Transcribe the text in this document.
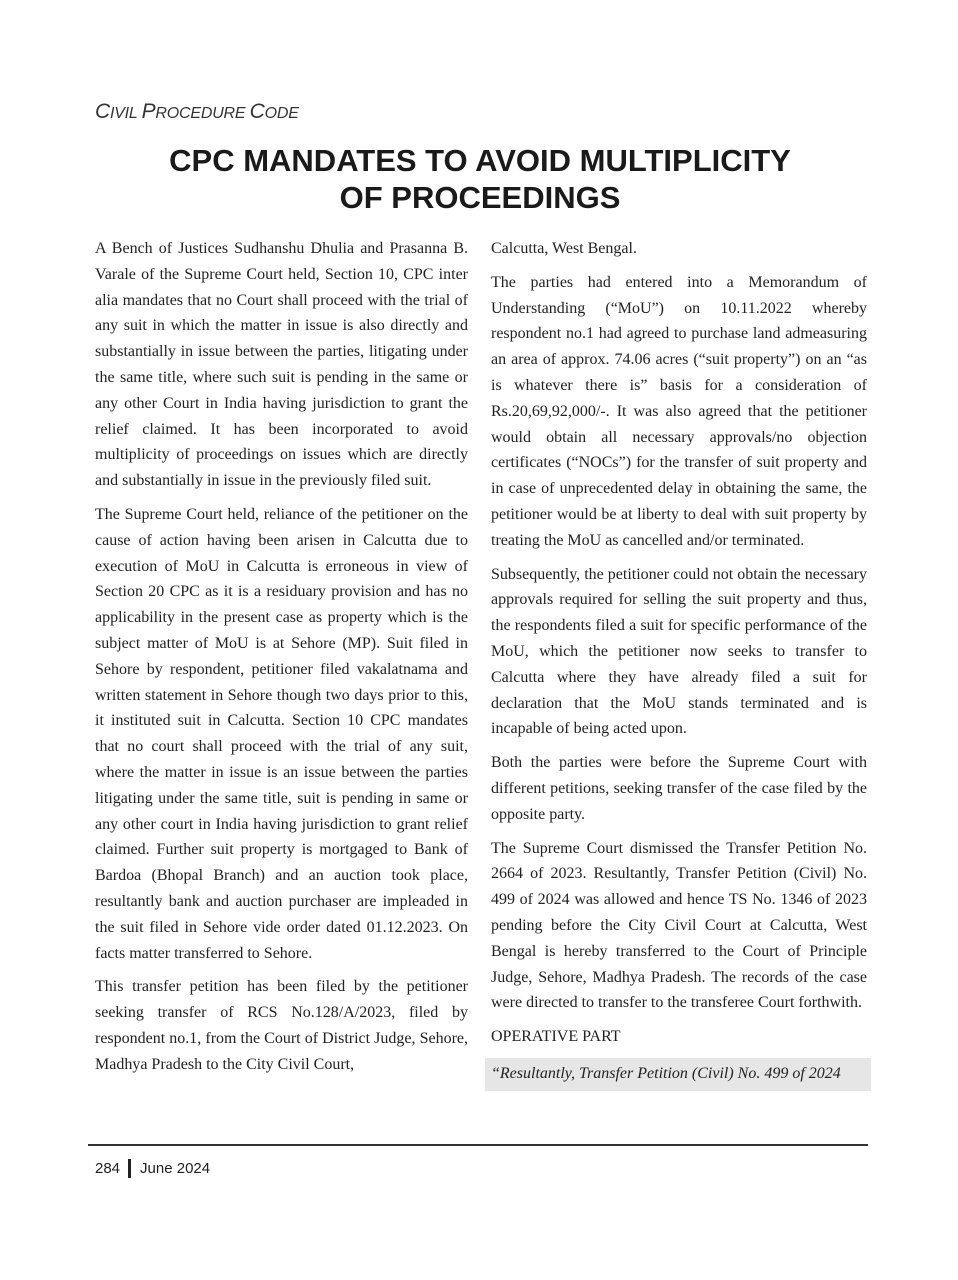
CIVIL PROCEDURE CODE
CPC MANDATES TO AVOID MULTIPLICITY
OF PROCEEDINGS

A Bench of Justices Sudhanshu Dhulia and Prasanna B. Varale of the Supreme Court held, Section 10, CPC inter alia mandates that no Court shall proceed with the trial of any suit in which the matter in issue is also directly and substantially in issue between the parties, litigating under the same title, where such suit is pending in the same or any other Court in India having jurisdiction to grant the relief claimed. It has been incorporated to avoid multiplicity of proceedings on issues which are directly and substantially in issue in the previously filed suit.

The Supreme Court held, reliance of the petitioner on the cause of action having been arisen in Calcutta due to execution of MoU in Calcutta is erroneous in view of Section 20 CPC as it is a residuary provision and has no applicability in the present case as property which is the subject matter of MoU is at Sehore (MP). Suit filed in Sehore by respondent, petitioner filed vakalatnama and written statement in Sehore though two days prior to this, it instituted suit in Calcutta. Section 10 CPC mandates that no court shall proceed with the trial of any suit, where the matter in issue is an issue between the parties litigating under the same title, suit is pending in same or any other court in India having jurisdiction to grant relief claimed. Further suit property is mortgaged to Bank of Bardoa (Bhopal Branch) and an auction took place, resultantly bank and auction purchaser are impleaded in the suit filed in Sehore vide order dated 01.12.2023. On facts matter transferred to Sehore.

This transfer petition has been filed by the petitioner seeking transfer of RCS No.128/A/2023, filed by respondent no.1, from the Court of District Judge, Sehore, Madhya Pradesh to the City Civil Court,

Calcutta, West Bengal.

The parties had entered into a Memorandum of Understanding (“MoU”) on 10.11.2022 whereby respondent no.1 had agreed to purchase land admeasuring an area of approx. 74.06 acres (“suit property”) on an “as is whatever there is” basis for a consideration of Rs.20,69,92,000/-. It was also agreed that the petitioner would obtain all necessary approvals/no objection certificates (“NOCs”) for the transfer of suit property and in case of unprecedented delay in obtaining the same, the petitioner would be at liberty to deal with suit property by treating the MoU as cancelled and/or terminated.

Subsequently, the petitioner could not obtain the necessary approvals required for selling the suit property and thus, the respondents filed a suit for specific performance of the MoU, which the petitioner now seeks to transfer to Calcutta where they have already filed a suit for declaration that the MoU stands terminated and is incapable of being acted upon.

Both the parties were before the Supreme Court with different petitions, seeking transfer of the case filed by the opposite party.

The Supreme Court dismissed the Transfer Petition No. 2664 of 2023. Resultantly, Transfer Petition (Civil) No. 499 of 2024 was allowed and hence TS No. 1346 of 2023 pending before the City Civil Court at Calcutta, West Bengal is hereby transferred to the Court of Principle Judge, Sehore, Madhya Pradesh. The records of the case were directed to transfer to the transferee Court forthwith.

OPERATIVE PART

“Resultantly, Transfer Petition (Civil) No. 499 of 2024
284 June 2024
